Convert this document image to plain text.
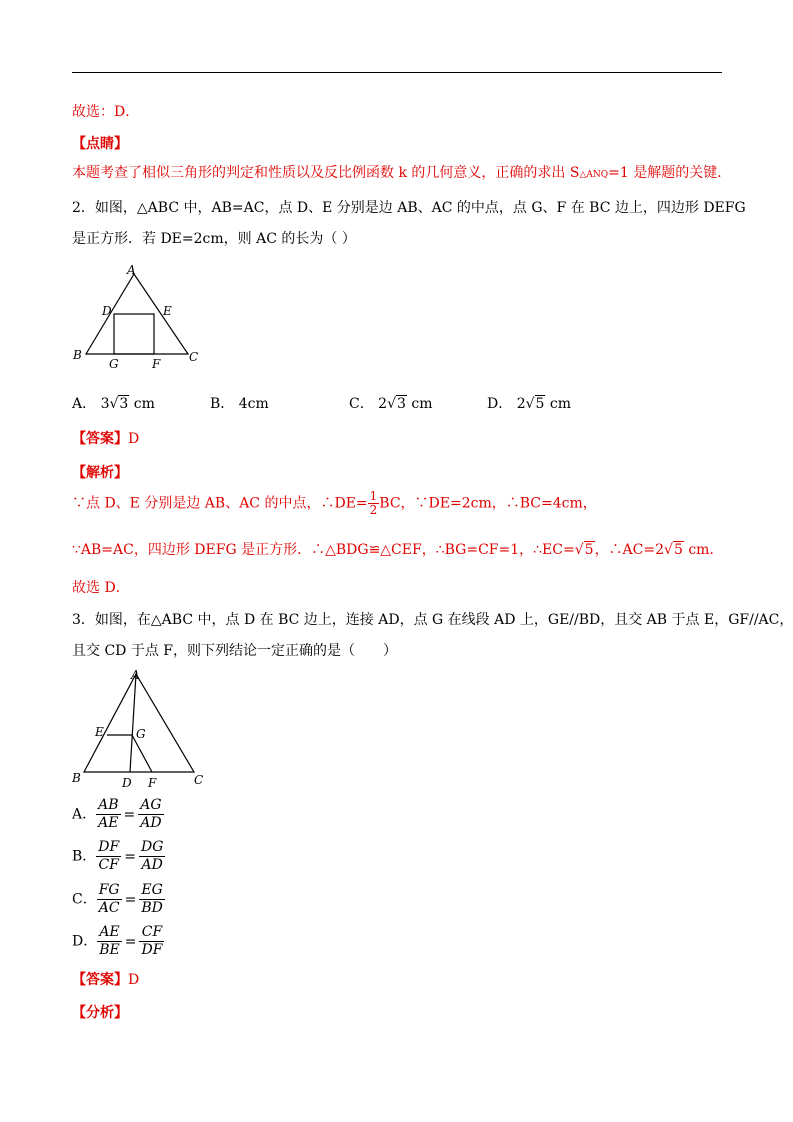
故选：D．
【点睛】
本题考查了相似三角形的判定和性质以及反比例函数 k 的几何意义，正确的求出 S△ANQ=1 是解题的关键．
2．如图，△ABC 中，AB=AC，点 D、E 分别是边 AB、AC 的中点，点 G、F 在 BC 边上，四边形 DEFG
是正方形．若 DE=2cm，则 AC 的长为（ ）
A
B	C
D	E
F
G
A． 3√3 cm	B． 4cm	C． 2√3 cm	D． 2√5 cm
【答案】D
【解析】
∵点 D、E 分别是边 AB、AC 的中点，∴DE= $\frac{1}{2}$ BC，∵DE=2cm，∴BC=4cm，
∵AB=AC，四边形 DEFG 是正方形．∴△BDG≌△CEF，∴BG=CF=1，∴EC=√5，∴AC=2√5 cm．
故选 D．
3．如图，在△ABC 中，点 D 在 BC 边上，连接 AD，点 G 在线段 AD 上，GE//BD，且交 AB 于点 E，GF//AC，
且交 CD 于点 F，则下列结论一定正确的是（　　）
A
B	C
D
E
F
G
A． $\frac{AB}{AE} = \frac{AG}{AD}$
B． $\frac{DF}{CF} = \frac{DG}{AD}$
C． $\frac{FG}{AC} = \frac{EG}{BD}$
D． $\frac{AE}{BE} = \frac{CF}{DF}$
【答案】D
【分析】
